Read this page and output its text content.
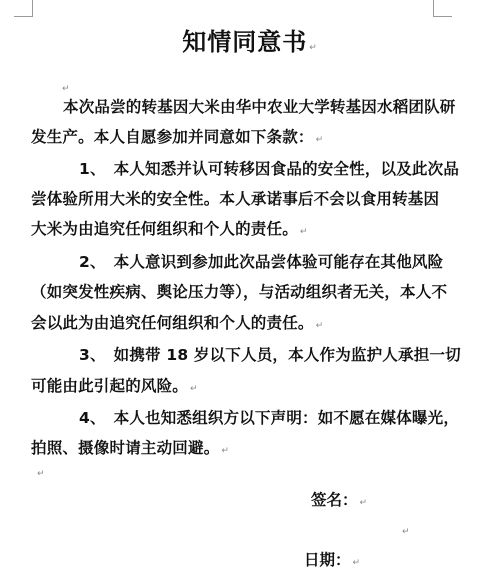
知情同意书 ↵
↵
本次品尝的转基因大米由华中农业大学转基因水稻团队研
发生产。本人自愿参加并同意如下条款： ↵
1、　本人知悉并认可转移因食品的安全性，以及此次品
尝体验所用大米的安全性。本人承诺事后不会以食用转基因
大米为由追究任何组织和个人的责任。 ↵
2、　本人意识到参加此次品尝体验可能存在其他风险
（如突发性疾病、舆论压力等），与活动组织者无关，本人不
会以此为由追究任何组织和个人的责任。 ↵
3、　如携带 18 岁以下人员，本人作为监护人承担一切
可能由此引起的风险。 ↵
4、　本人也知悉组织方以下声明：如不愿在媒体曝光，
拍照、摄像时请主动回避。 ↵
↵
签名： ↵
↵
日期： ↵
